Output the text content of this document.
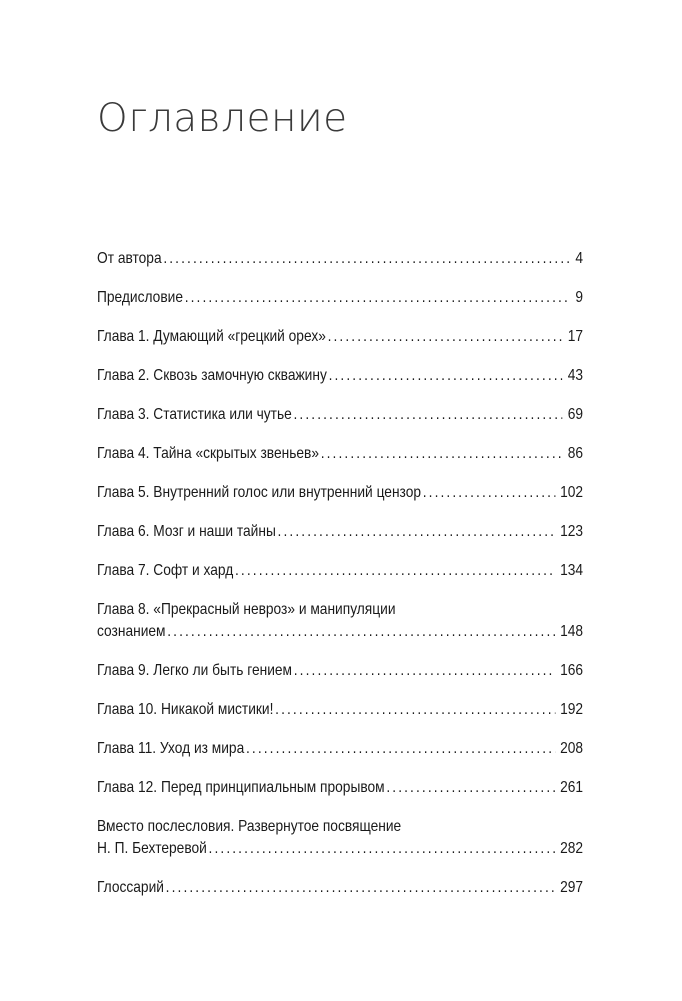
Оглавление
От автора . . .	4
Предисловие . . .	9
Глава 1. Думающий «грецкий орех» . . .	17
Глава 2. Сквозь замочную скважину . . .	43
Глава 3. Статистика или чутье . . .	69
Глава 4. Тайна «скрытых звеньев» . . .	86
Глава 5. Внутренний голос или внутренний цензор . . .	102
Глава 6. Мозг и наши тайны . . .	123
Глава 7. Софт и хард . . .	134
Глава 8. «Прекрасный невроз» и манипуляции
сознанием . . .	148
Глава 9. Легко ли быть гением . . .	166
Глава 10. Никакой мистики! . . .	192
Глава 11. Уход из мира . . .	208
Глава 12. Перед принципиальным прорывом . . .	261
Вместо послесловия. Развернутое посвящение
Н. П. Бехтеревой . . .	282
Глоссарий . . .	297
